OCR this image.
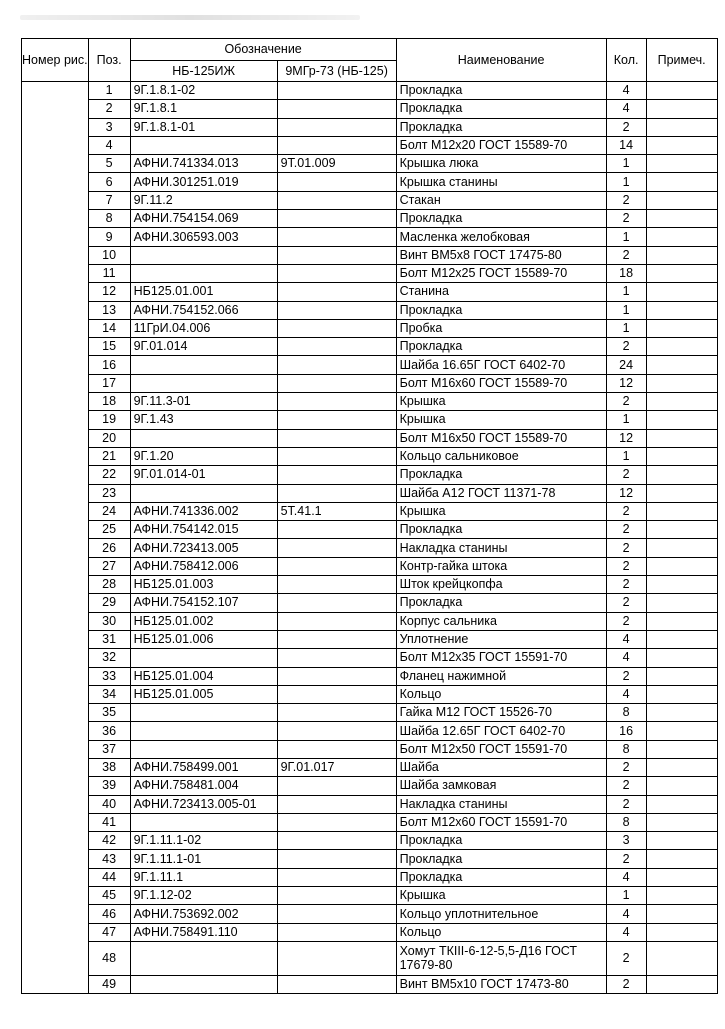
Номер рис.	Поз.	Обозначение		Наименование	Кол.	Примеч.
		НБ-125ИЖ	9МГр-73 (НБ-125)			
	1	9Г.1.8.1-02		Прокладка	4	
	2	9Г.1.8.1		Прокладка	4	
	3	9Г.1.8.1-01		Прокладка	2	
	4			Болт М12х20 ГОСТ 15589-70	14	
	5	АФНИ.741334.013	9Т.01.009	Крышка люка	1	
	6	АФНИ.301251.019		Крышка станины	1	
	7	9Г.11.2		Стакан	2	
	8	АФНИ.754154.069		Прокладка	2	
	9	АФНИ.306593.003		Масленка желобковая	1	
	10			Винт ВМ5х8 ГОСТ 17475-80	2	
	11			Болт М12х25 ГОСТ 15589-70	18	
	12	НБ125.01.001		Станина	1	
	13	АФНИ.754152.066		Прокладка	1	
	14	11ГрИ.04.006		Пробка	1	
	15	9Г.01.014		Прокладка	2	
	16			Шайба 16.65Г ГОСТ 6402-70	24	
	17			Болт М16х60 ГОСТ 15589-70	12	
	18	9Г.11.3-01		Крышка	2	
	19	9Г.1.43		Крышка	1	
	20			Болт М16х50 ГОСТ 15589-70	12	
	21	9Г.1.20		Кольцо сальниковое	1	
	22	9Г.01.014-01		Прокладка	2	
	23			Шайба А12 ГОСТ 11371-78	12	
	24	АФНИ.741336.002	5Т.41.1	Крышка	2	
	25	АФНИ.754142.015		Прокладка	2	
	26	АФНИ.723413.005		Накладка станины	2	
	27	АФНИ.758412.006		Контр-гайка штока	2	
	28	НБ125.01.003		Шток крейцкопфа	2	
	29	АФНИ.754152.107		Прокладка	2	
	30	НБ125.01.002		Корпус сальника	2	
	31	НБ125.01.006		Уплотнение	4	
	32			Болт М12х35 ГОСТ 15591-70	4	
	33	НБ125.01.004		Фланец нажимной	2	
	34	НБ125.01.005		Кольцо	4	
	35			Гайка М12 ГОСТ 15526-70	8	
	36			Шайба 12.65Г ГОСТ 6402-70	16	
	37			Болт М12х50 ГОСТ 15591-70	8	
	38	АФНИ.758499.001	9Г.01.017	Шайба	2	
	39	АФНИ.758481.004		Шайба замковая	2	
	40	АФНИ.723413.005-01		Накладка станины	2	
	41			Болт М12х60 ГОСТ 15591-70	8	
	42	9Г.1.11.1-02		Прокладка	3	
	43	9Г.1.11.1-01		Прокладка	2	
	44	9Г.1.11.1		Прокладка	4	
	45	9Г.1.12-02		Крышка	1	
	46	АФНИ.753692.002		Кольцо уплотнительное	4	
	47	АФНИ.758491.110		Кольцо	4	
	48			Хомут ТКIII-6-12-5,5-Д16 ГОСТ 17679-80	2	
	49			Винт ВМ5х10 ГОСТ 17473-80	2	
